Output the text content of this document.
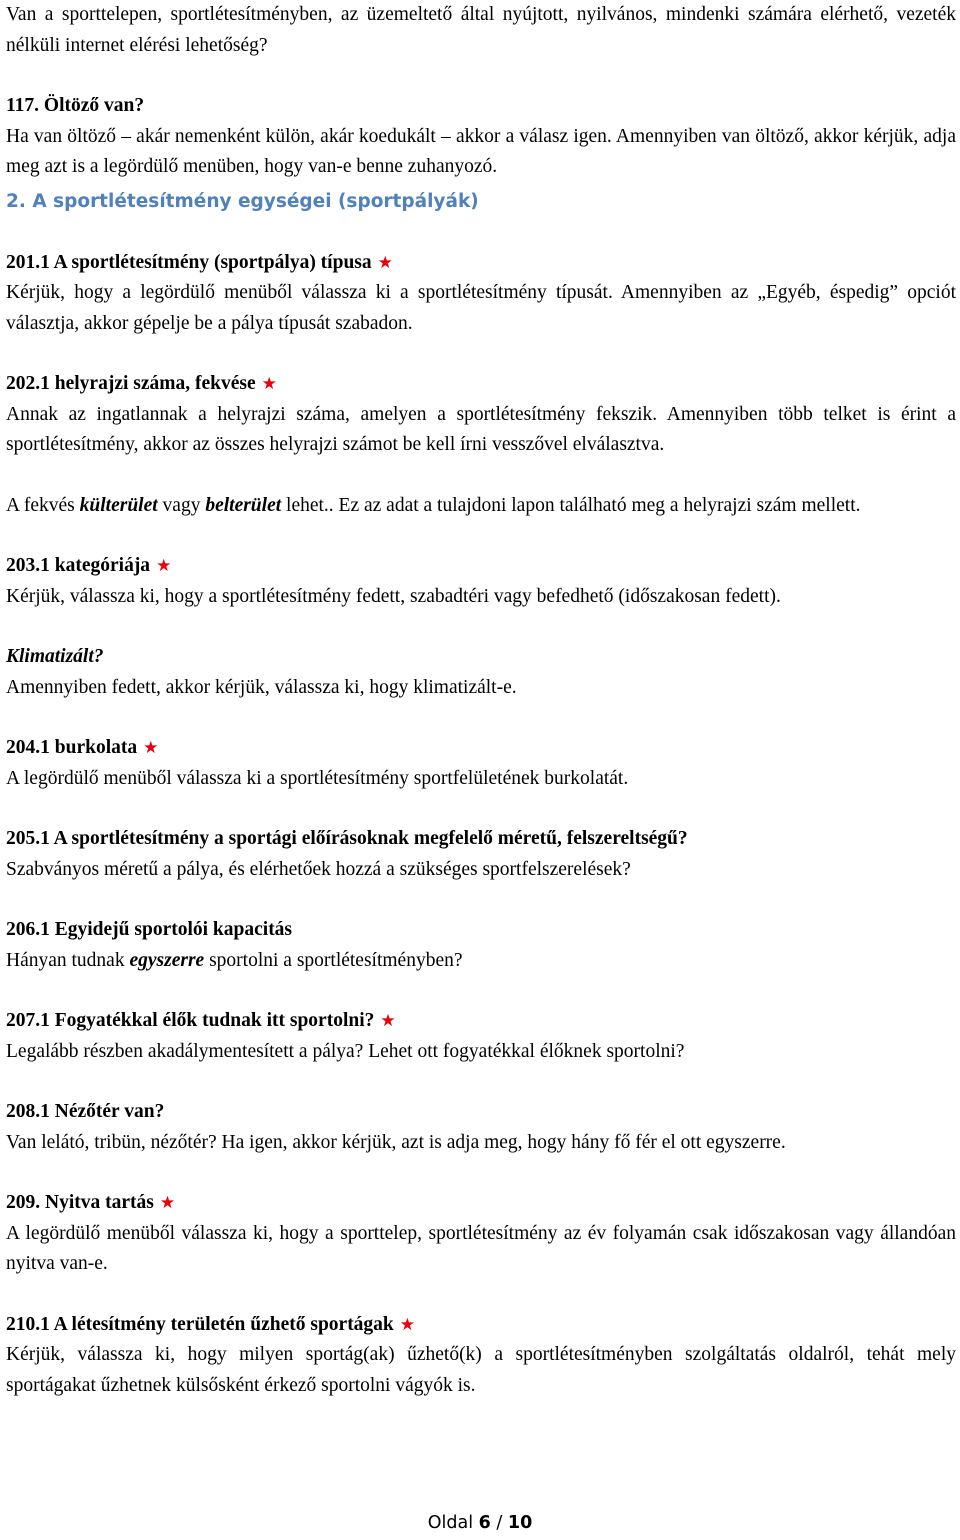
Van a sporttelepen, sportlétesítményben, az üzemeltető által nyújtott, nyilvános, mindenki számára elérhető, vezeték nélküli internet elérési lehetőség?

117. Öltöző van?

Ha van öltöző – akár nemenként külön, akár koedukált – akkor a válasz igen. Amennyiben van öltöző, akkor kérjük, adja meg azt is a legördülő menüben, hogy van-e benne zuhanyozó.

2. A sportlétesítmény egységei (sportpályák)

201.1 A sportlétesítmény (sportpálya) típusa ★

Kérjük, hogy a legördülő menüből válassza ki a sportlétesítmény típusát. Amennyiben az „Egyéb, éspedig” opciót választja, akkor gépelje be a pálya típusát szabadon.

202.1 helyrajzi száma, fekvése ★

Annak az ingatlannak a helyrajzi száma, amelyen a sportlétesítmény fekszik. Amennyiben több telket is érint a sportlétesítmény, akkor az összes helyrajzi számot be kell írni vesszővel elválasztva.

A fekvés külterület vagy belterület lehet.. Ez az adat a tulajdoni lapon található meg a helyrajzi szám mellett.

203.1 kategóriája ★

Kérjük, válassza ki, hogy a sportlétesítmény fedett, szabadtéri vagy befedhető (időszakosan fedett).

Klimatizált?

Amennyiben fedett, akkor kérjük, válassza ki, hogy klimatizált-e.

204.1 burkolata ★

A legördülő menüből válassza ki a sportlétesítmény sportfelületének burkolatát.

205.1 A sportlétesítmény a sportági előírásoknak megfelelő méretű, felszereltségű?

Szabványos méretű a pálya, és elérhetőek hozzá a szükséges sportfelszerelések?

206.1 Egyidejű sportolói kapacitás

Hányan tudnak egyszerre sportolni a sportlétesítményben?

207.1 Fogyatékkal élők tudnak itt sportolni? ★

Legalább részben akadálymentesített a pálya? Lehet ott fogyatékkal élőknek sportolni?

208.1 Nézőtér van?

Van lelátó, tribün, nézőtér? Ha igen, akkor kérjük, azt is adja meg, hogy hány fő fér el ott egyszerre.

209. Nyitva tartás ★

A legördülő menüből válassza ki, hogy a sporttelep, sportlétesítmény az év folyamán csak időszakosan vagy állandóan nyitva van-e.

210.1 A létesítmény területén űzhető sportágak ★

Kérjük, válassza ki, hogy milyen sportág(ak) űzhető(k) a sportlétesítményben szolgáltatás oldalról, tehát mely sportágakat űzhetnek külsősként érkező sportolni vágyók is.

Oldal 6 / 10
